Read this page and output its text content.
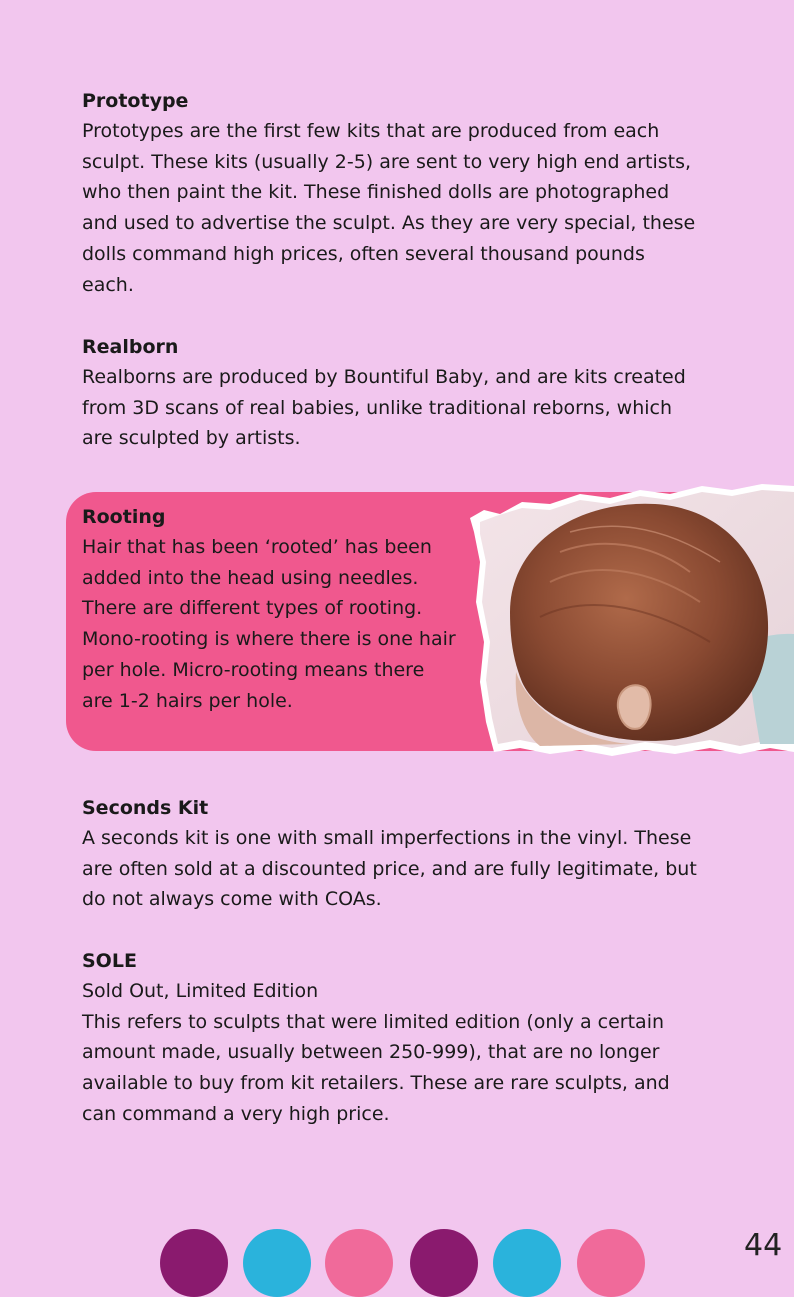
Prototype

Prototypes are the first few kits that are produced from each
sculpt. These kits (usually 2-5) are sent to very high end artists,
who then paint the kit. These finished dolls are photographed
and used to advertise the sculpt. As they are very special, these
dolls command high prices, often several thousand pounds
each.

Realborn

Realborns are produced by Bountiful Baby, and are kits created
from 3D scans of real babies, unlike traditional reborns, which
are sculpted by artists.

Rooting

Hair that has been ‘rooted’ has been
added into the head using needles.
There are different types of rooting.
Mono-rooting is where there is one hair
per hole. Micro-rooting means there
are 1-2 hairs per hole.

Seconds Kit

A seconds kit is one with small imperfections in the vinyl. These
are often sold at a discounted price, and are fully legitimate, but
do not always come with COAs.

SOLE

Sold Out, Limited Edition
This refers to sculpts that were limited edition (only a certain
amount made, usually between 250-999), that are no longer
available to buy from kit retailers. These are rare sculpts, and
can command a very high price.

44
